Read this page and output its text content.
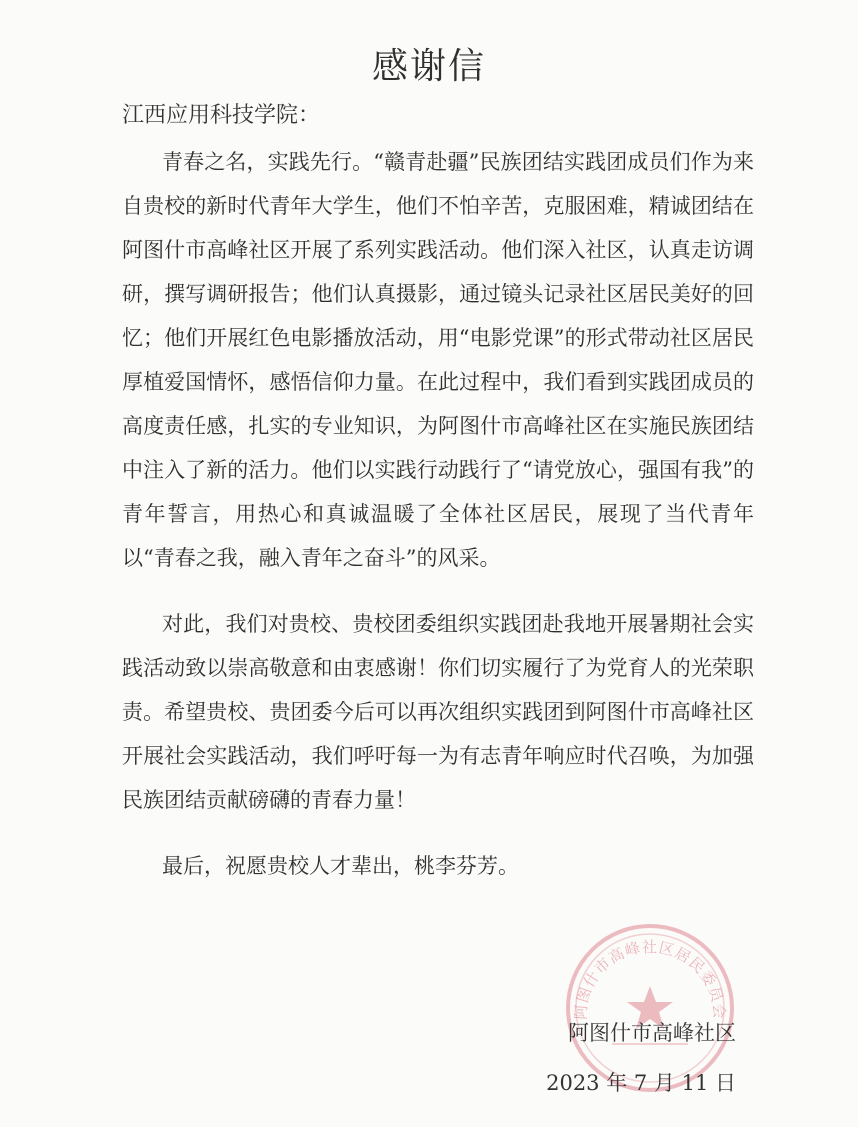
感谢信
江西应用科技学院：

青春之名，实践先行。“赣青赴疆”民族团结实践团成员们作为来自贵校的新时代青年大学生，他们不怕辛苦，克服困难，精诚团结在阿图什市高峰社区开展了系列实践活动。他们深入社区，认真走访调研，撰写调研报告；他们认真摄影，通过镜头记录社区居民美好的回忆；他们开展红色电影播放活动，用“电影党课”的形式带动社区居民厚植爱国情怀，感悟信仰力量。在此过程中，我们看到实践团成员的高度责任感，扎实的专业知识，为阿图什市高峰社区在实施民族团结中注入了新的活力。他们以实践行动践行了“请党放心，强国有我”的青年誓言，用热心和真诚温暖了全体社区居民，展现了当代青年以“青春之我，融入青年之奋斗”的风采。

对此，我们对贵校、贵校团委组织实践团赴我地开展暑期社会实践活动致以崇高敬意和由衷感谢！你们切实履行了为党育人的光荣职责。希望贵校、贵团委今后可以再次组织实践团到阿图什市高峰社区开展社会实践活动，我们呼吁每一为有志青年响应时代召唤，为加强民族团结贡献磅礴的青春力量！

最后，祝愿贵校人才辈出，桃李芬芳。

阿图什市高峰社区居民委员会
阿图什市高峰社区
2023 年 7 月 11 日
